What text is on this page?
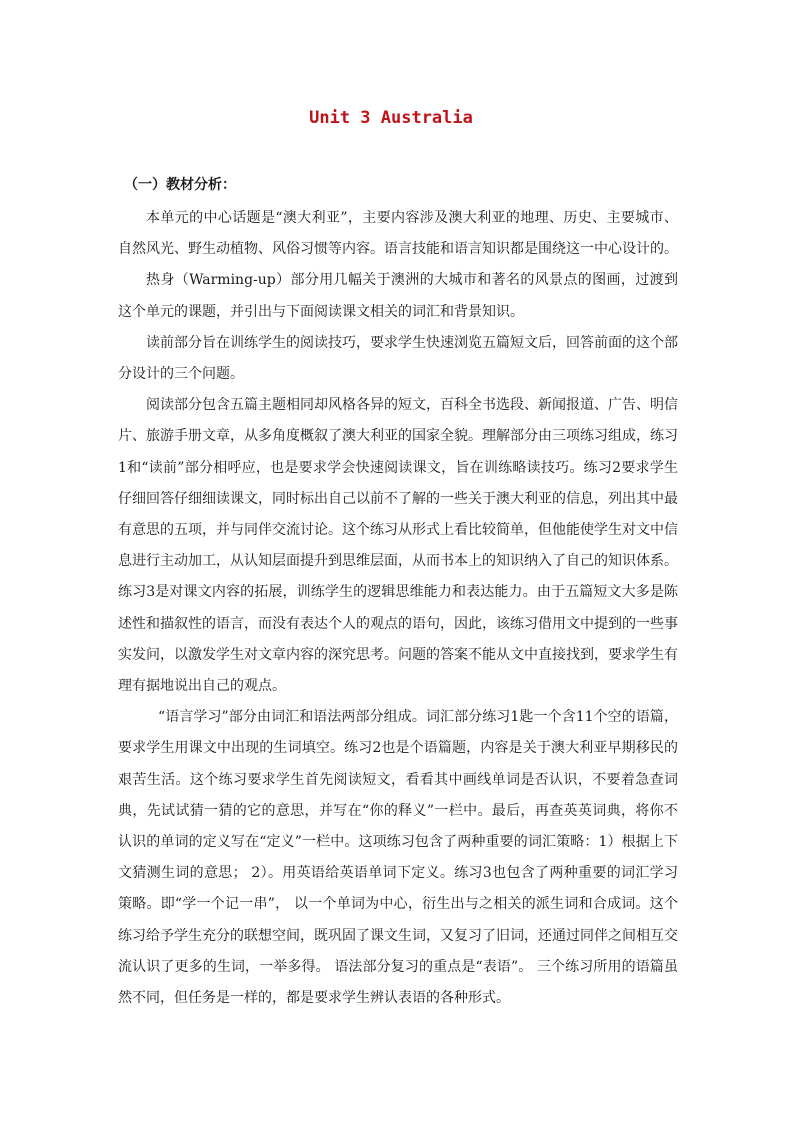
Unit 3 Australia

（一）教材分析：

本单元的中心话题是“澳大利亚”，主要内容涉及澳大利亚的地理、历史、主要城市、自然风光、野生动植物、风俗习惯等内容。语言技能和语言知识都是围绕这一中心设计的。

热身（Warming-up）部分用几幅关于澳洲的大城市和著名的风景点的图画，过渡到这个单元的课题，并引出与下面阅读课文相关的词汇和背景知识。

读前部分旨在训练学生的阅读技巧，要求学生快速浏览五篇短文后，回答前面的这个部分设计的三个问题。

阅读部分包含五篇主题相同却风格各异的短文，百科全书选段、新闻报道、广告、明信片、旅游手册文章，从多角度概叙了澳大利亚的国家全貌。理解部分由三项练习组成，练习1和“读前”部分相呼应，也是要求学会快速阅读课文，旨在训练略读技巧。练习2要求学生仔细回答仔细细读课文，同时标出自己以前不了解的一些关于澳大利亚的信息，列出其中最有意思的五项，并与同伴交流讨论。这个练习从形式上看比较简单，但他能使学生对文中信息进行主动加工，从认知层面提升到思维层面，从而书本上的知识纳入了自己的知识体系。练习3是对课文内容的拓展，训练学生的逻辑思维能力和表达能力。由于五篇短文大多是陈述性和描叙性的语言，而没有表达个人的观点的语句，因此，该练习借用文中提到的一些事实发问，以激发学生对文章内容的深究思考。问题的答案不能从文中直接找到，要求学生有理有据地说出自己的观点。

“语言学习”部分由词汇和语法两部分组成。词汇部分练习1匙一个含11个空的语篇，要求学生用课文中出现的生词填空。练习2也是个语篇题，内容是关于澳大利亚早期移民的艰苦生活。这个练习要求学生首先阅读短文，看看其中画线单词是否认识，不要着急查词典，先试试猜一猜的它的意思，并写在“你的释义”一栏中。最后，再查英英词典，将你不认识的单词的定义写在“定义”一栏中。这项练习包含了两种重要的词汇策略：1）根据上下文猜测生词的意思； 2）。用英语给英语单词下定义。练习3也包含了两种重要的词汇学习策略。即“学一个记一串”， 以一个单词为中心，衍生出与之相关的派生词和合成词。这个练习给予学生充分的联想空间，既巩固了课文生词，又复习了旧词，还通过同伴之间相互交流认识了更多的生词，一举多得。 语法部分复习的重点是“表语”。 三个练习所用的语篇虽然不同，但任务是一样的，都是要求学生辨认表语的各种形式。
